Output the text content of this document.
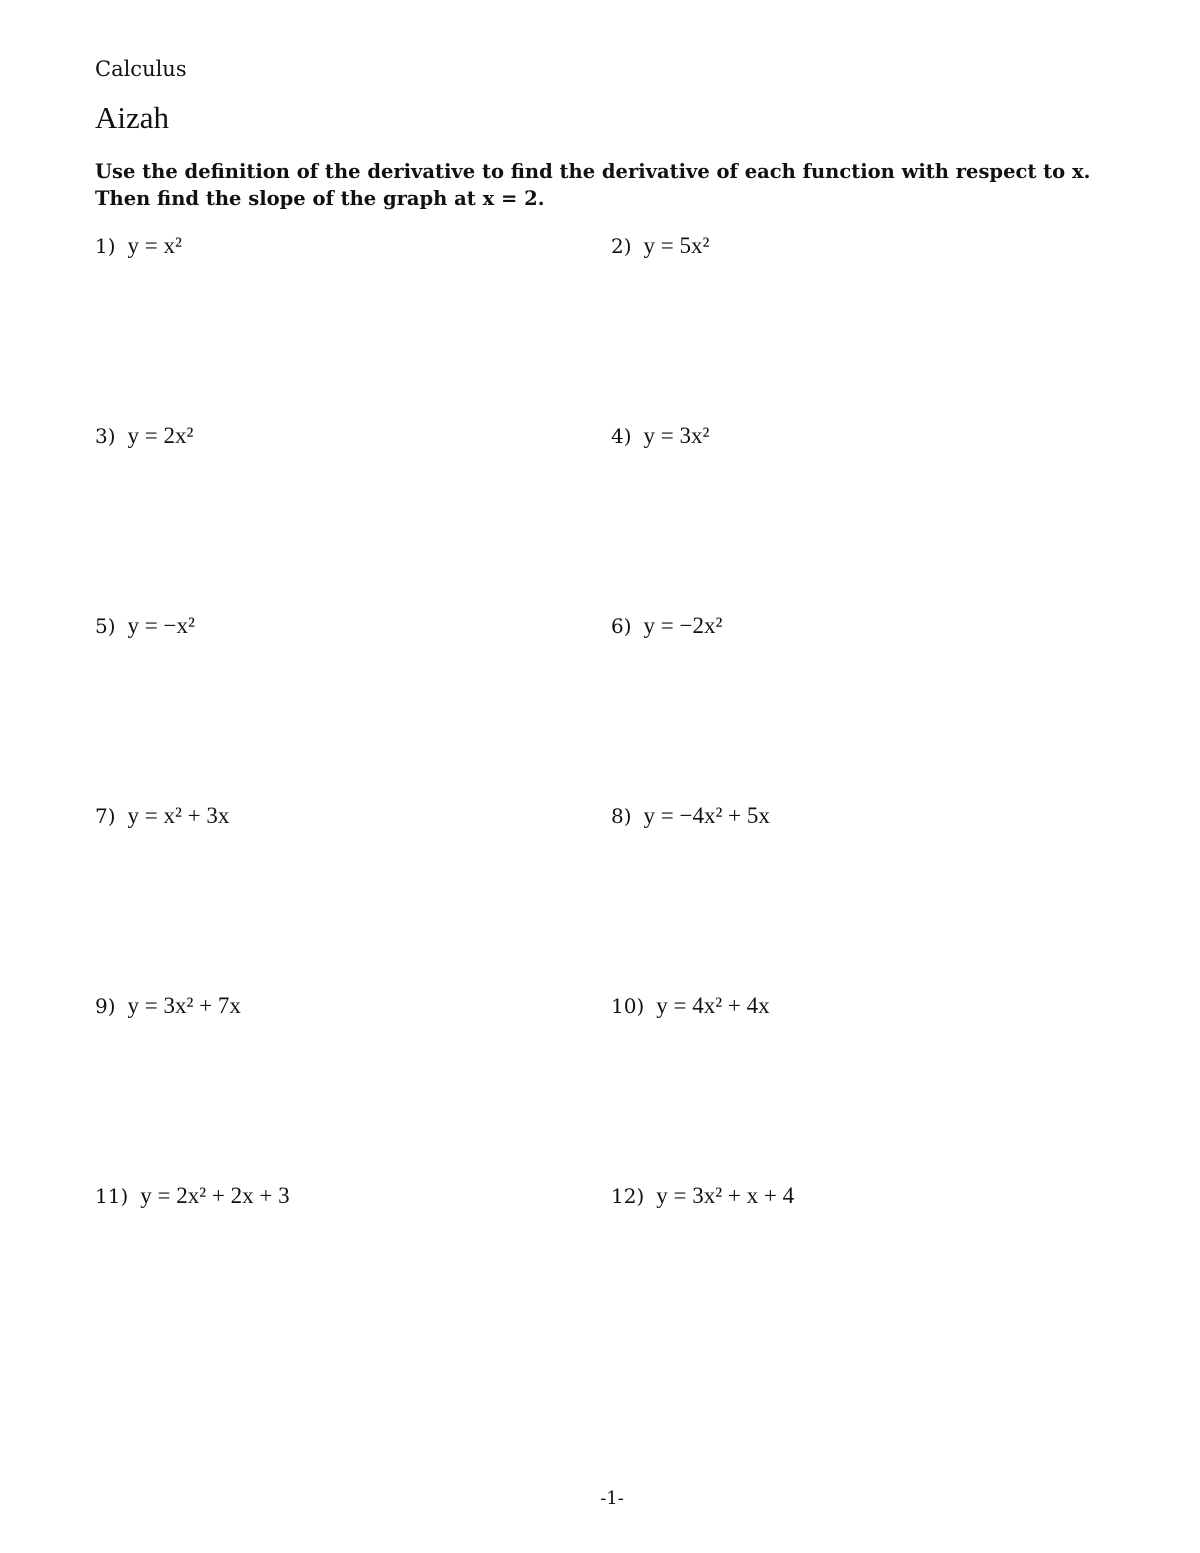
Calculus
Aizah
Use the definition of the derivative to find the derivative of each function with respect to x.
Then find the slope of the graph at x = 2.
1) y = x²	2) y = 5x²
3) y = 2x²	4) y = 3x²
5) y = −x²	6) y = −2x²
7) y = x² + 3x	8) y = −4x² + 5x
9) y = 3x² + 7x	10) y = 4x² + 4x
11) y = 2x² + 2x + 3	12) y = 3x² + x + 4
-1-
